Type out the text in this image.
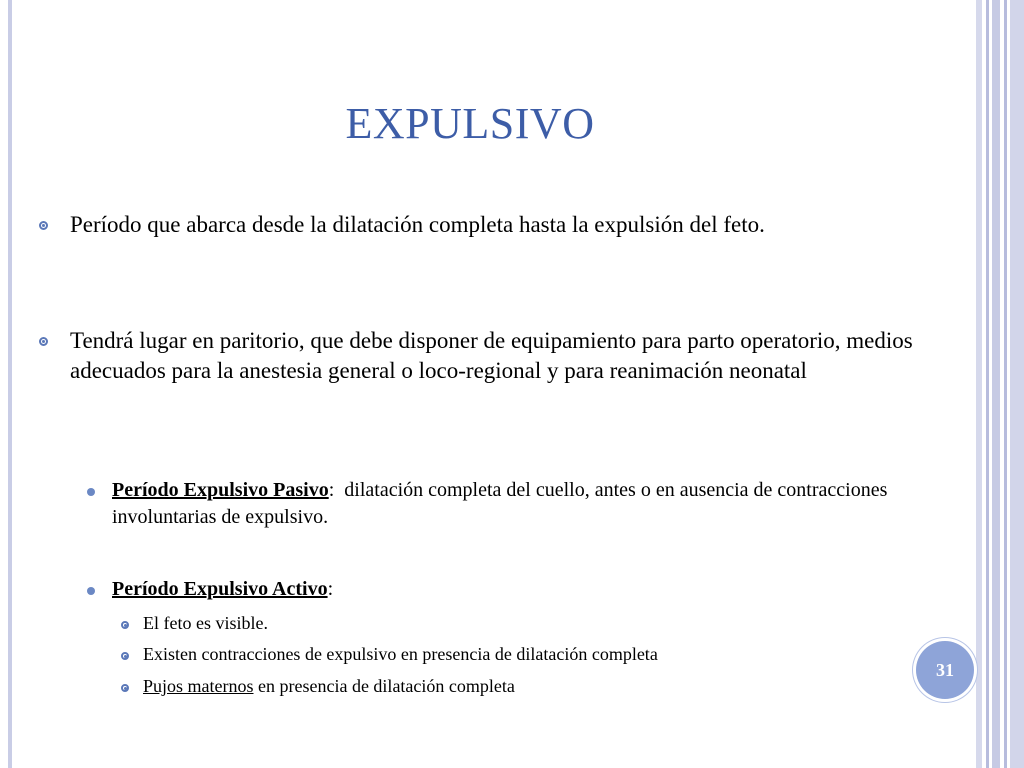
EXPULSIVO
Período que abarca desde la dilatación completa hasta la expulsión del feto.
Tendrá lugar en paritorio, que debe disponer de equipamiento para parto operatorio, medios adecuados para la anestesia general o loco-regional y para reanimación neonatal
Período Expulsivo Pasivo:  dilatación completa del cuello, antes o en ausencia de contracciones involuntarias de expulsivo.
Período Expulsivo Activo:
El feto es visible.
Existen contracciones de expulsivo en presencia de dilatación completa
Pujos maternos en presencia de dilatación completa
31
